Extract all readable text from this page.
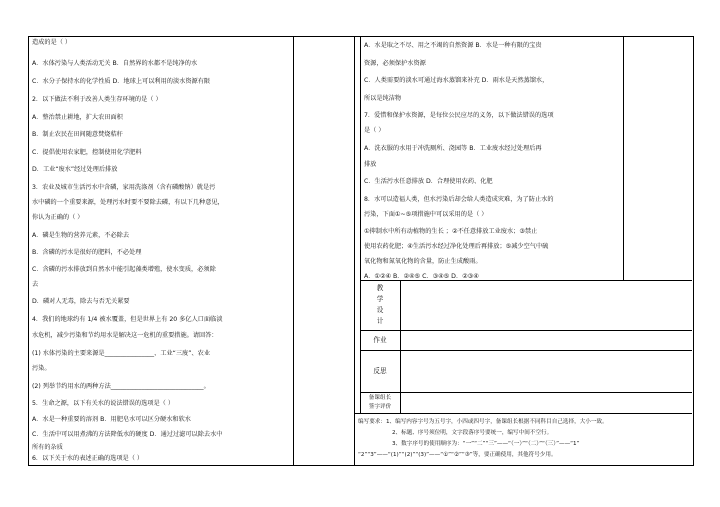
造成的是（ ）
A．水体污染与人类活动无关 B．自然界的水都不是纯净的水
C．水分子保持水的化学性质 D．地球上可以利用的淡水资源有限
2．以下做法不利于改善人类生存环境的是（ ）
A．整治禁止耕地，扩大农田面积
B．制止农民在田间随意焚烧秸秆
C．提倡使用农家肥，控制使用化学肥料
D．工业“废水”经过处理后排放
3．农业及城市生活污水中含磷，家用洗涤剂（含有磷酸钠）就是污
水中磷的一个重要来源，处理污水时要不要除去磷，有以下几种意见，
你认为正确的（ ）
A．磷是生物的营养元素，不必除去
B．含磷的污水是很好的肥料，不必处理
C．含磷的污水排放到自然水中能引起藻类增殖，使水变质，必须除
去
D．磷对人无毒，除去与否无关紧要
4．我们的地球约有 1/4 被水覆盖，但是世界上有 20 多亿人口面临淡
水危机，减少污染和节约用水是解决这一危机的重要措施。请回答：
(1) 水体污染的主要来源是________________、工业“三废”、农业
污染。
(2) 列举节约用水的两种方法______________________________。
5．生命之源，以下有关水的说法错误的选项是（ ）
A．水是一种重要的溶剂 B．用肥皂水可以区分硬水和软水
C．生活中可以用煮沸的方法降低水的硬度 D．通过过滤可以除去水中
所有的杂质
6．以下关于水的表述正确的选项是（ ）
A．水是取之不尽、用之不竭的自然资源 B．水是一种有限的宝贵
资源，必须保护水资源
C．人类需要的淡水可通过海水蒸馏来补充 D．雨水是天然蒸馏水，
所以是纯洁物
7．爱惜和保护水资源，是每位公民应尽的义务，以下做法错误的选项
是（ ）
A．洗衣服的水用于冲洗厕所、浇园等 B．工业废水经过处理后再
排放
C．生活污水任意排放 D．合理使用农药、化肥
8．水可以造福人类，但水污染后却会给人类造成灾难，为了防止水的
污染，下面①~⑤项措施中可以采用的是（ ）
①抑制水中所有动植物的生长 ；②不任意排放工业废水；③禁止
使用农药化肥；④生活污水经过净化处理后再排放；⑤减少空气中硫
氧化物和氮氧化物的含量，防止生成酸雨。
A．①②④ B．②④⑤ C．③④⑤ D．②③④
教
学
设
计
作业
反思
备课组长
签字评价
编写要求：1、编写内容字号为五号字，小四或四号字，备课组长根据不同科目自己选择，大小一致。
2、标题、序号须位明，文字段落序号要统一，编写中间不空行。
3、数字序号的使用顺序为：“一”“二”“三”——“（一）”“（二）”“（三）”——“1”
“2”“3”——“(1)”“(2)”“(3)”——“①”“②”“③”等，要正确使用，其他符号少用。
